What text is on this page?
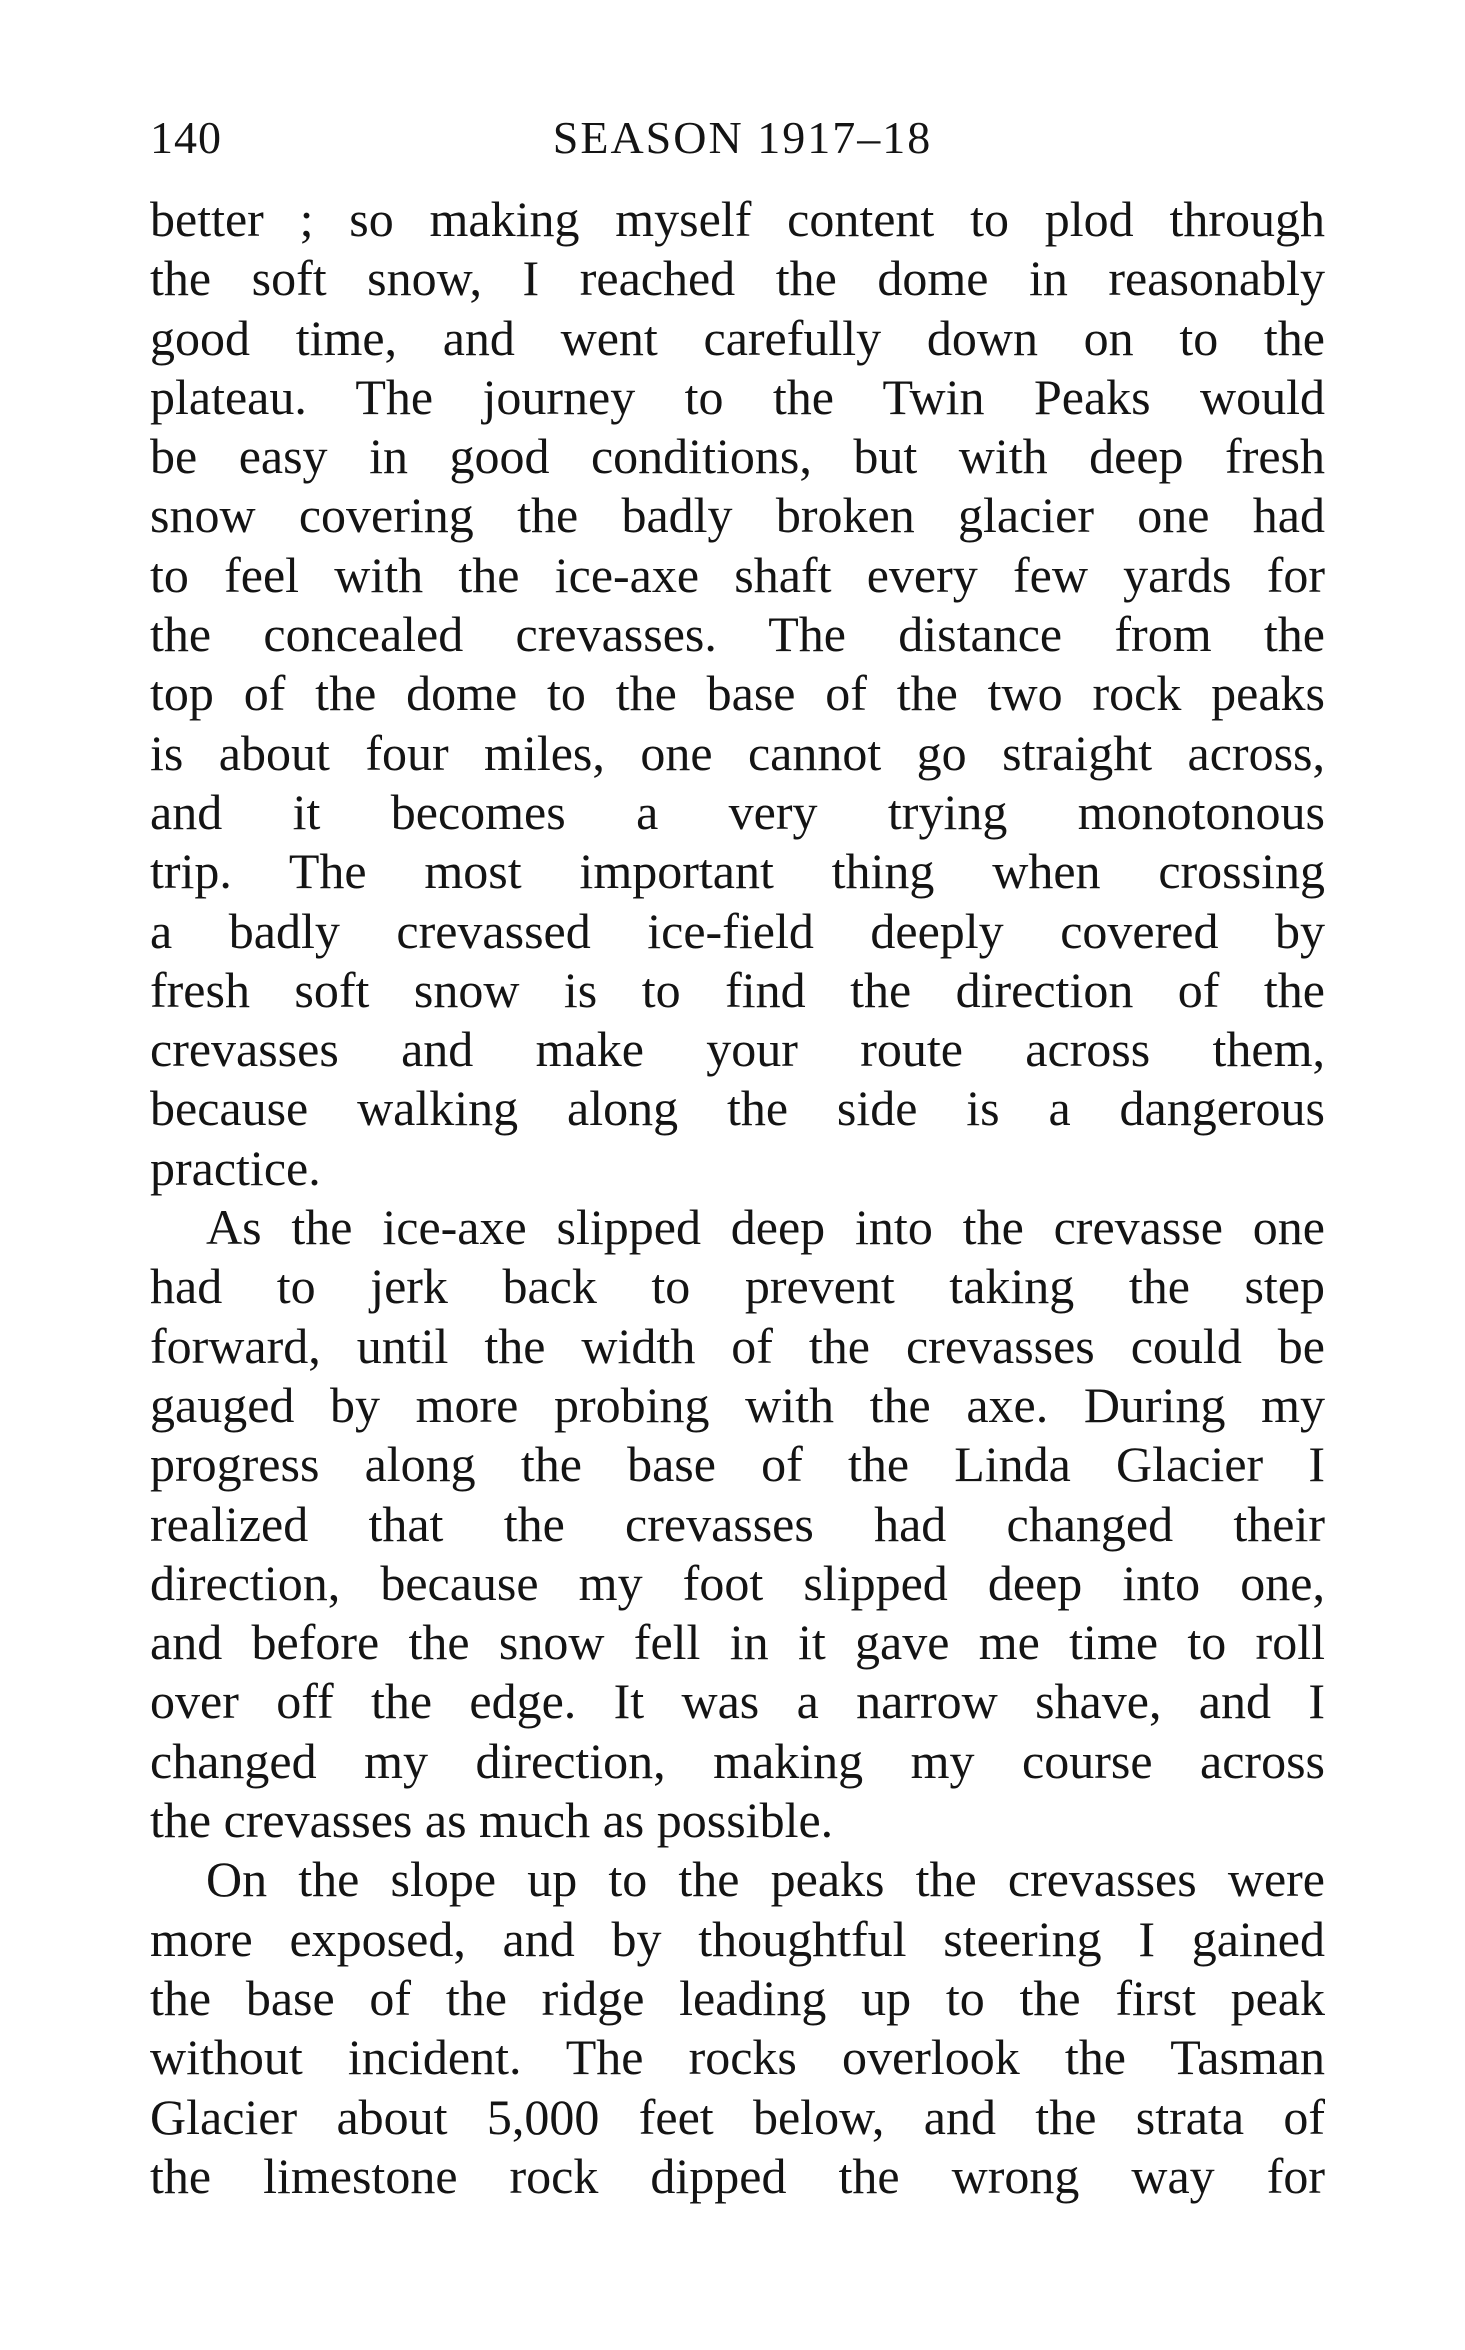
140	SEASON 1917–18
better ; so making myself content to plod through
the soft snow, I reached the dome in reasonably
good time, and went carefully down on to the
plateau. The journey to the Twin Peaks would
be easy in good conditions, but with deep fresh
snow covering the badly broken glacier one had
to feel with the ice-axe shaft every few yards for
the concealed crevasses. The distance from the
top of the dome to the base of the two rock peaks
is about four miles, one cannot go straight across,
and it becomes a very trying monotonous
trip. The most important thing when crossing
a badly crevassed ice-field deeply covered by
fresh soft snow is to find the direction of the
crevasses and make your route across them,
because walking along the side is a dangerous
practice.
As the ice-axe slipped deep into the crevasse one
had to jerk back to prevent taking the step
forward, until the width of the crevasses could be
gauged by more probing with the axe. During my
progress along the base of the Linda Glacier I
realized that the crevasses had changed their
direction, because my foot slipped deep into one,
and before the snow fell in it gave me time to roll
over off the edge. It was a narrow shave, and I
changed my direction, making my course across
the crevasses as much as possible.
On the slope up to the peaks the crevasses were
more exposed, and by thoughtful steering I gained
the base of the ridge leading up to the first peak
without incident. The rocks overlook the Tasman
Glacier about 5,000 feet below, and the strata of
the limestone rock dipped the wrong way for
